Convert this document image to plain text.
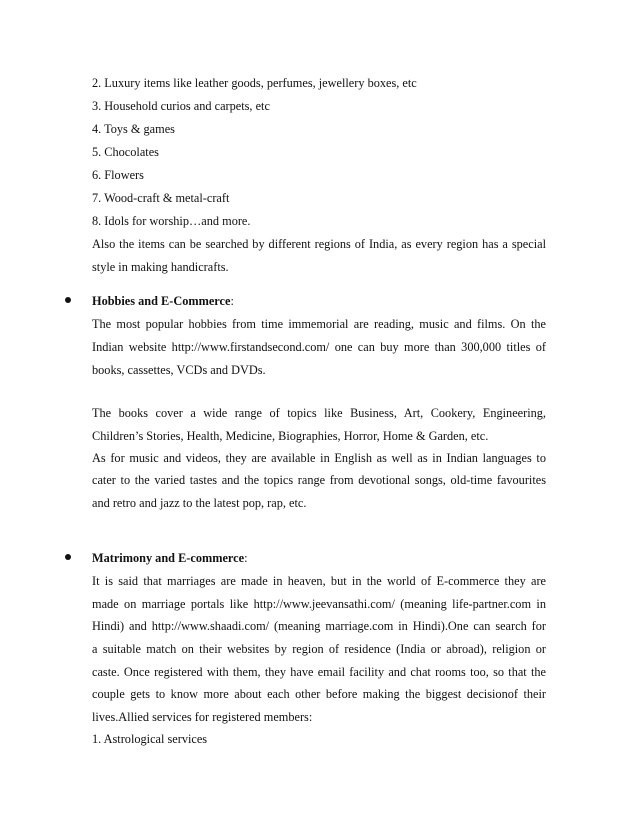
2. Luxury items like leather goods, perfumes, jewellery boxes, etc
3. Household curios and carpets, etc
4. Toys & games
5. Chocolates
6. Flowers
7. Wood-craft & metal-craft
8. Idols for worship…and more.
Also the items can be searched by different regions of India, as every region has a special
style in making handicrafts.
Hobbies and E-Commerce:
The most popular hobbies from time immemorial are reading, music and films. On the
Indian website http://www.firstandsecond.com/ one can buy more than 300,000 titles of
books, cassettes, VCDs and DVDs.
The books cover a wide range of topics like Business, Art, Cookery, Engineering,
Children’s Stories, Health, Medicine, Biographies, Horror, Home & Garden, etc.
As for music and videos, they are available in English as well as in Indian languages to
cater to the varied tastes and the topics range from devotional songs, old-time favourites
and retro and jazz to the latest pop, rap, etc.
Matrimony and E-commerce:
It is said that marriages are made in heaven, but in the world of E-commerce they are
made on marriage portals like http://www.jeevansathi.com/ (meaning life-partner.com in
Hindi) and http://www.shaadi.com/ (meaning marriage.com in Hindi).One can search for
a suitable match on their websites by region of residence (India or abroad), religion or
caste. Once registered with them, they have email facility and chat rooms too, so that the
couple gets to know more about each other before making the biggest decisionof their
lives.Allied services for registered members:
1. Astrological services
